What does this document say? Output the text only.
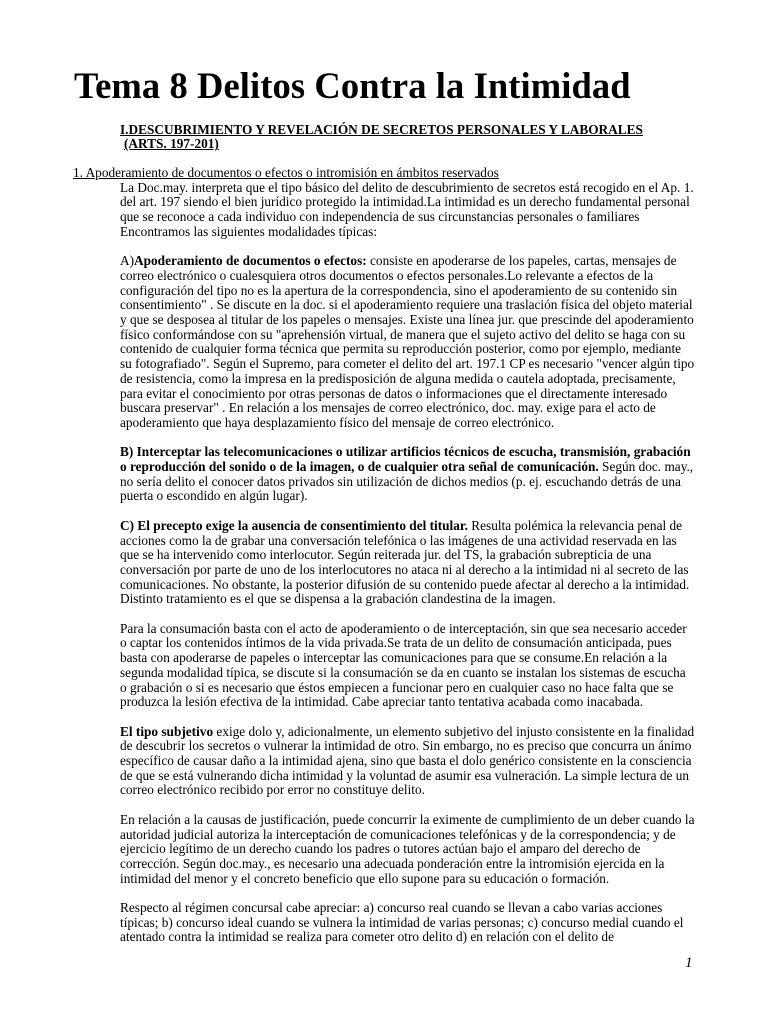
Tema 8 Delitos Contra la Intimidad
I.DESCUBRIMIENTO Y REVELACIÓN DE SECRETOS PERSONALES Y LABORALES
(ARTS. 197-201)

1. Apoderamiento de documentos o efectos o intromisión en ámbitos reservados

La Doc.may. interpreta que el tipo básico del delito de descubrimiento de secretos está recogido en el Ap. 1. del art. 197 siendo el bien jurídico protegido la intimidad.La intimidad es un derecho fundamental personal que se reconoce a cada individuo con independencia de sus circunstancias personales o familiares Encontramos las siguientes modalidades típicas:

A)Apoderamiento de documentos o efectos: consiste en apoderarse de los papeles, cartas, mensajes de correo electrónico o cualesquiera otros documentos o efectos personales.Lo relevante a efectos de la configuración del tipo no es la apertura de la correspondencia, sino el apoderamiento de su contenido sin consentimiento" . Se discute en la doc. si el apoderamiento requiere una traslación física del objeto material y que se desposea al titular de los papeles o mensajes. Existe una línea jur. que prescinde del apoderamiento físico conformándose con su "aprehensión virtual, de manera que el sujeto activo del delito se haga con su contenido de cualquier forma técnica que permita su reproducción posterior, como por ejemplo, mediante su fotografiado". Según el Supremo, para cometer el delito del art. 197.1 CP es necesario "vencer algún tipo de resistencia, como la impresa en la predisposición de alguna medida o cautela adoptada, precisamente, para evitar el conocimiento por otras personas de datos o informaciones que el directamente interesado buscara preservar" . En relación a los mensajes de correo electrónico, doc. may. exige para el acto de apoderamiento que haya desplazamiento físico del mensaje de correo electrónico.

B) Interceptar las telecomunicaciones o utilizar artificios técnicos de escucha, transmisión, grabación o reproducción del sonido o de la imagen, o de cualquier otra señal de comunicación. Según doc. may., no sería delito el conocer datos privados sin utilización de dichos medios (p. ej. escuchando detrás de una puerta o escondido en algún lugar).

C) El precepto exige la ausencia de consentimiento del titular. Resulta polémica la relevancia penal de acciones como la de grabar una conversación telefónica o las imágenes de una actividad reservada en las que se ha intervenido como interlocutor. Según reiterada jur. del TS, la grabación subrepticia de una conversación por parte de uno de los interlocutores no ataca ni al derecho a la intimidad ni al secreto de las comunicaciones. No obstante, la posterior difusión de su contenido puede afectar al derecho a la intimidad. Distinto tratamiento es el que se dispensa a la grabación clandestina de la imagen.

Para la consumación basta con el acto de apoderamiento o de interceptación, sin que sea necesario acceder o captar los contenidos íntimos de la vida privada.Se trata de un delito de consumación anticipada, pues basta con apoderarse de papeles o interceptar las comunicaciones para que se consume.En relación a la segunda modalidad típica, se discute si la consumación se da en cuanto se instalan los sistemas de escucha o grabación o si es necesario que éstos empiecen a funcionar pero en cualquier caso no hace falta que se produzca la lesión efectiva de la intimidad. Cabe apreciar tanto tentativa acabada como inacabada.

El tipo subjetivo exige dolo y, adicionalmente, un elemento subjetivo del injusto consistente en la finalidad de descubrir los secretos o vulnerar la intimidad de otro. Sin embargo, no es preciso que concurra un ánimo específico de causar daño a la intimidad ajena, sino que basta el dolo genérico consistente en la consciencia de que se está vulnerando dicha intimidad y la voluntad de asumir esa vulneración. La simple lectura de un correo electrónico recibido por error no constituye delito.

En relación a la causas de justificación, puede concurrir la eximente de cumplimiento de un deber cuando la autoridad judicial autoriza la interceptación de comunicaciones telefónicas y de la correspondencia; y de ejercicio legítimo de un derecho cuando los padres o tutores actúan bajo el amparo del derecho de corrección. Según doc.may., es necesario una adecuada ponderación entre la intromisión ejercida en la intimidad del menor y el concreto beneficio que ello supone para su educación o formación.

Respecto al régimen concursal cabe apreciar: a) concurso real cuando se llevan a cabo varias acciones típicas; b) concurso ideal cuando se vulnera la intimidad de varias personas; c) concurso medial cuando el atentado contra la intimidad se realiza para cometer otro delito d) en relación con el delito de

1
